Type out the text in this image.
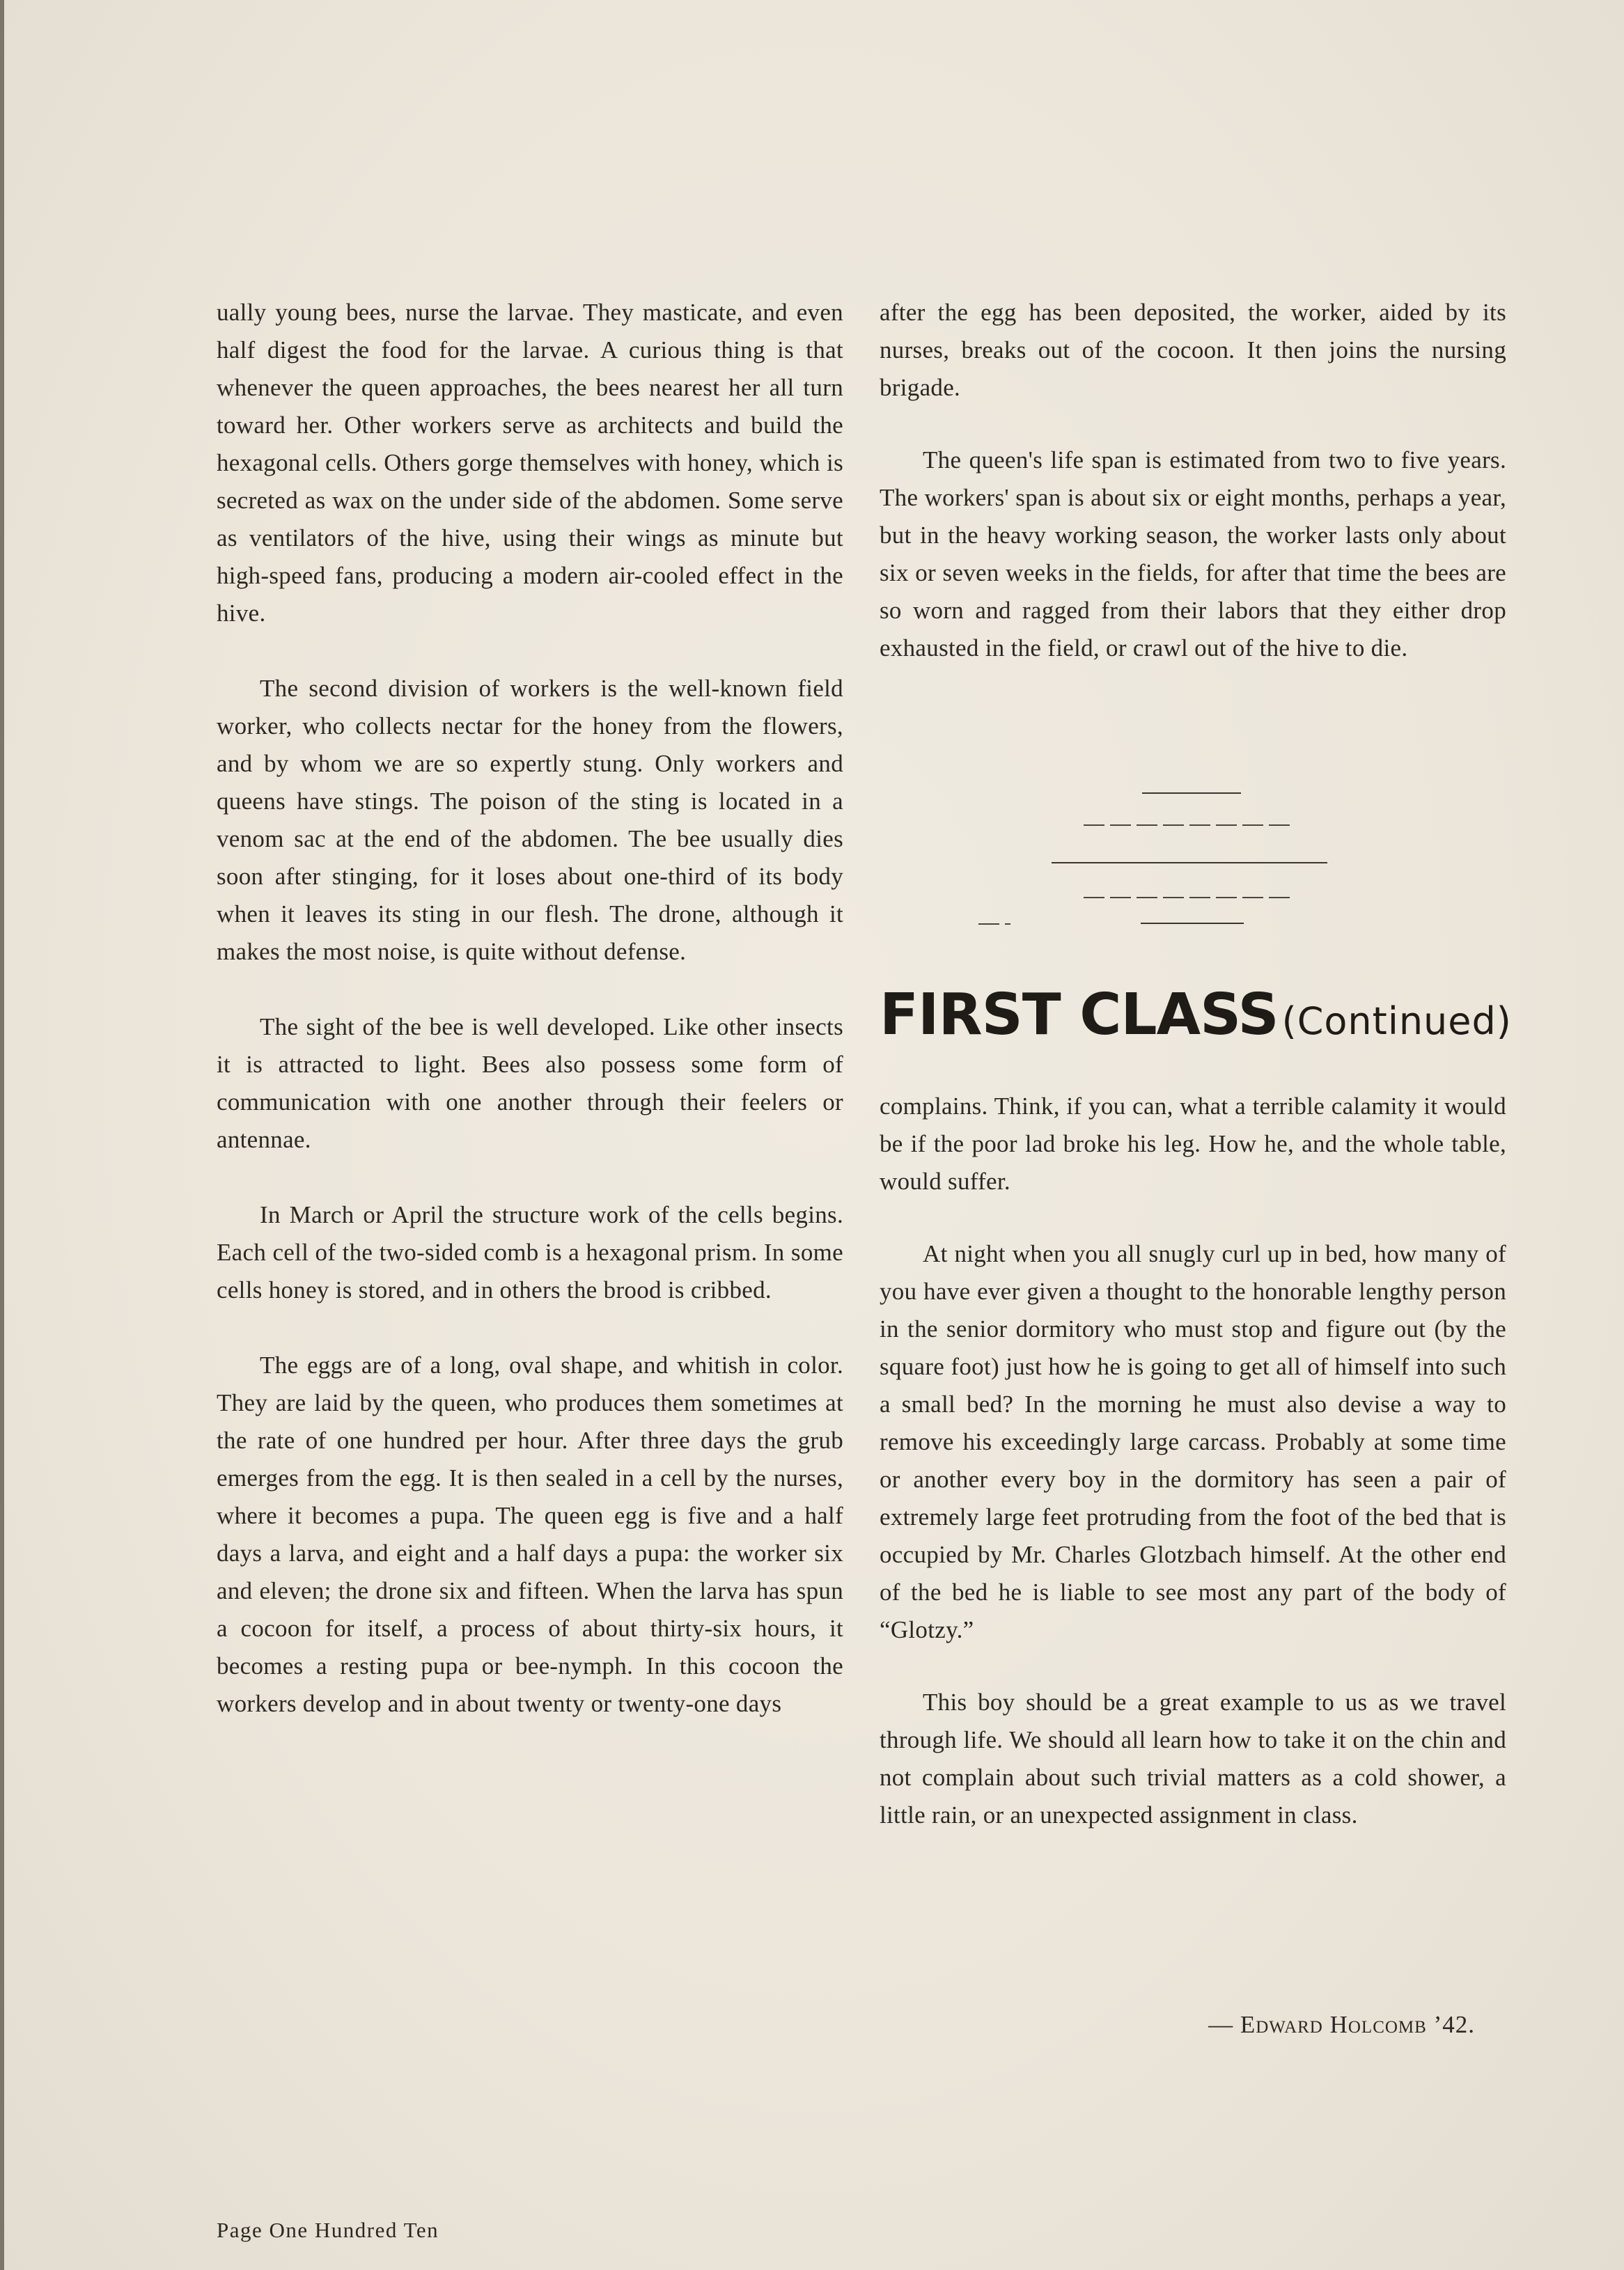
ually young bees, nurse the larvae. They masticate, and even half digest the food for the larvae. A curious thing is that whenever the queen approaches, the bees nearest her all turn toward her. Other workers serve as architects and build the hexagonal cells. Others gorge themselves with honey, which is secreted as wax on the under side of the abdomen. Some serve as ventilators of the hive, using their wings as minute but high-speed fans, producing a modern air-cooled effect in the hive.

The second division of workers is the well-known field worker, who collects nectar for the honey from the flowers, and by whom we are so expertly stung. Only workers and queens have stings. The poison of the sting is located in a venom sac at the end of the abdomen. The bee usually dies soon after stinging, for it loses about one-third of its body when it leaves its sting in our flesh. The drone, although it makes the most noise, is quite without defense.

The sight of the bee is well developed. Like other insects it is attracted to light. Bees also possess some form of communication with one another through their feelers or antennae.

In March or April the structure work of the cells begins. Each cell of the two-sided comb is a hexagonal prism. In some cells honey is stored, and in others the brood is cribbed.

The eggs are of a long, oval shape, and whitish in color. They are laid by the queen, who produces them sometimes at the rate of one hundred per hour. After three days the grub emerges from the egg. It is then sealed in a cell by the nurses, where it becomes a pupa. The queen egg is five and a half days a larva, and eight and a half days a pupa: the worker six and eleven; the drone six and fifteen. When the larva has spun a cocoon for itself, a process of about thirty-six hours, it becomes a resting pupa or bee-nymph. In this cocoon the workers develop and in about twenty or twenty-one days

after the egg has been deposited, the worker, aided by its nurses, breaks out of the cocoon. It then joins the nursing brigade.

The queen's life span is estimated from two to five years. The workers' span is about six or eight months, perhaps a year, but in the heavy working season, the worker lasts only about six or seven weeks in the fields, for after that time the bees are so worn and ragged from their labors that they either drop exhausted in the field, or crawl out of the hive to die.

FIRST CLASS (Continued)

complains. Think, if you can, what a terrible calamity it would be if the poor lad broke his leg. How he, and the whole table, would suffer.

At night when you all snugly curl up in bed, how many of you have ever given a thought to the honorable lengthy person in the senior dormitory who must stop and figure out (by the square foot) just how he is going to get all of himself into such a small bed? In the morning he must also devise a way to remove his exceedingly large carcass. Probably at some time or another every boy in the dormitory has seen a pair of extremely large feet protruding from the foot of the bed that is occupied by Mr. Charles Glotzbach himself. At the other end of the bed he is liable to see most any part of the body of “Glotzy.”

This boy should be a great example to us as we travel through life. We should all learn how to take it on the chin and not complain about such trivial matters as a cold shower, a little rain, or an unexpected assignment in class.

— Edward Holcomb ’42.
Page One Hundred Ten
